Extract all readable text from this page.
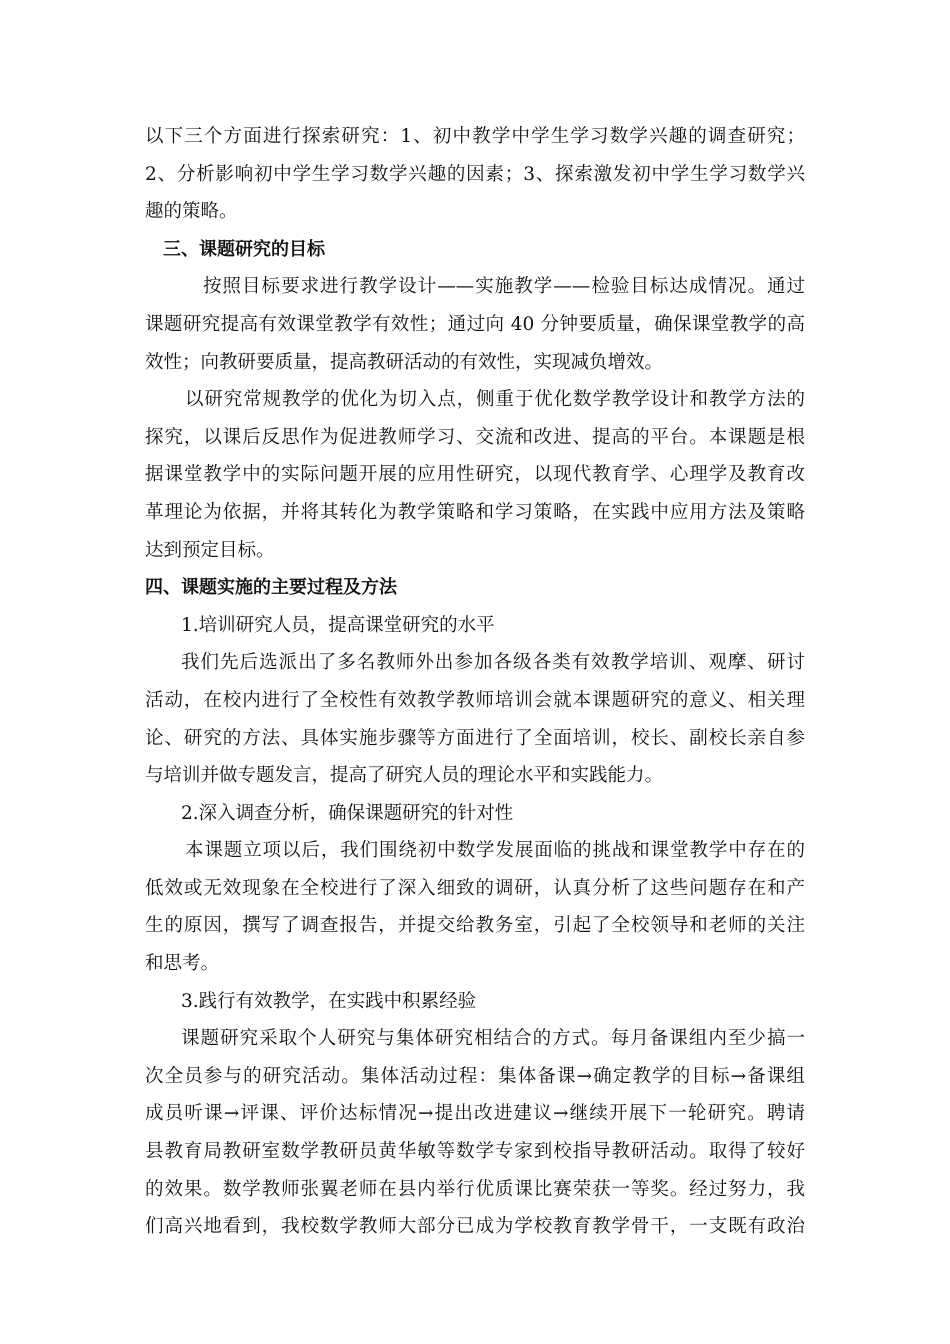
以下三个方面进行探索研究：1、初中教学中学生学习数学兴趣的调查研究；
2、分析影响初中学生学习数学兴趣的因素；3、探索激发初中学生学习数学兴
趣的策略。
三、课题研究的目标
按照目标要求进行教学设计——实施教学——检验目标达成情况。通过
课题研究提高有效课堂教学有效性；通过向 40 分钟要质量，确保课堂教学的高
效性；向教研要质量，提高教研活动的有效性，实现减负增效。
以研究常规教学的优化为切入点，侧重于优化数学教学设计和教学方法的
探究，以课后反思作为促进教师学习、交流和改进、提高的平台。本课题是根
据课堂教学中的实际问题开展的应用性研究，以现代教育学、心理学及教育改
革理论为依据，并将其转化为教学策略和学习策略，在实践中应用方法及策略
达到预定目标。
四、课题实施的主要过程及方法
1.培训研究人员，提高课堂研究的水平
我们先后选派出了多名教师外出参加各级各类有效教学培训、观摩、研讨
活动，在校内进行了全校性有效教学教师培训会就本课题研究的意义、相关理
论、研究的方法、具体实施步骤等方面进行了全面培训，校长、副校长亲自参
与培训并做专题发言，提高了研究人员的理论水平和实践能力。
2.深入调查分析，确保课题研究的针对性
本课题立项以后，我们围绕初中数学发展面临的挑战和课堂教学中存在的
低效或无效现象在全校进行了深入细致的调研，认真分析了这些问题存在和产
生的原因，撰写了调查报告，并提交给教务室，引起了全校领导和老师的关注
和思考。
3.践行有效教学，在实践中积累经验
课题研究采取个人研究与集体研究相结合的方式。每月备课组内至少搞一
次全员参与的研究活动。集体活动过程：集体备课→确定教学的目标→备课组
成员听课→评课、评价达标情况→提出改进建议→继续开展下一轮研究。聘请
县教育局教研室数学教研员黄华敏等数学专家到校指导教研活动。取得了较好
的效果。数学教师张翼老师在县内举行优质课比赛荣获一等奖。经过努力，我
们高兴地看到，我校数学教师大部分已成为学校教育教学骨干，一支既有政治
